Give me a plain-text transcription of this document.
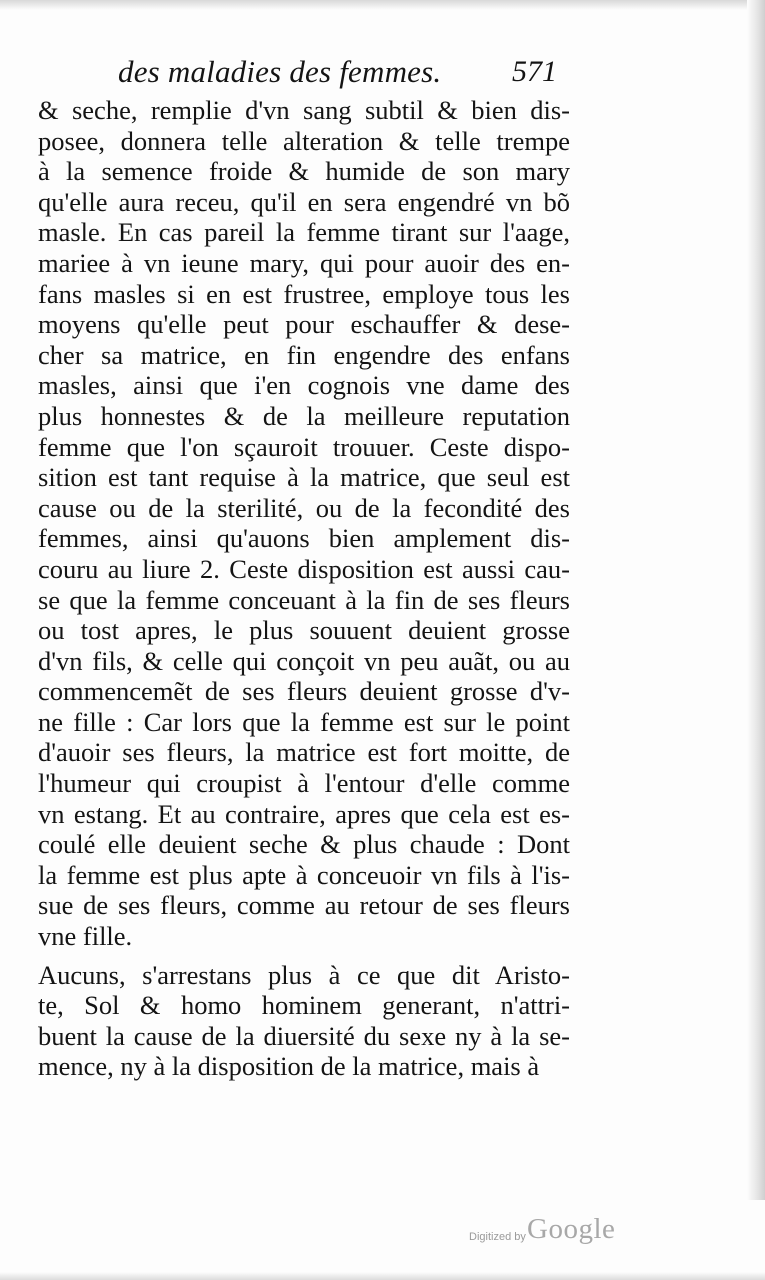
des maladies des femmes. 571
& seche, remplie d'vn sang subtil & bien dis-
posee, donnera telle alteration & telle trempe
à la semence froide & humide de son mary
qu'elle aura receu, qu'il en sera engendré vn bõ
masle. En cas pareil la femme tirant sur l'aage,
mariee à vn ieune mary, qui pour auoir des en-
fans masles si en est frustree, employe tous les
moyens qu'elle peut pour eschauffer & dese-
cher sa matrice, en fin engendre des enfans
masles, ainsi que i'en cognois vne dame des
plus honnestes & de la meilleure reputation
femme que l'on sçauroit trouuer. Ceste dispo-
sition est tant requise à la matrice, que seul est
cause ou de la sterilité, ou de la fecondité des
femmes, ainsi qu'auons bien amplement dis-
couru au liure 2. Ceste disposition est aussi cau-
se que la femme conceuant à la fin de ses fleurs
ou tost apres, le plus souuent deuient grosse
d'vn fils, & celle qui conçoit vn peu auãt, ou au
commencemẽt de ses fleurs deuient grosse d'v-
ne fille : Car lors que la femme est sur le point
d'auoir ses fleurs, la matrice est fort moitte, de
l'humeur qui croupist à l'entour d'elle comme
vn estang. Et au contraire, apres que cela est es-
coulé elle deuient seche & plus chaude : Dont
la femme est plus apte à conceuoir vn fils à l'is-
sue de ses fleurs, comme au retour de ses fleurs
vne fille.
Aucuns, s'arrestans plus à ce que dit Aristo-
te, Sol & homo hominem generant, n'attri-
buent la cause de la diuersité du sexe ny à la se-
mence, ny à la disposition de la matrice, mais à
Digitized by Google
